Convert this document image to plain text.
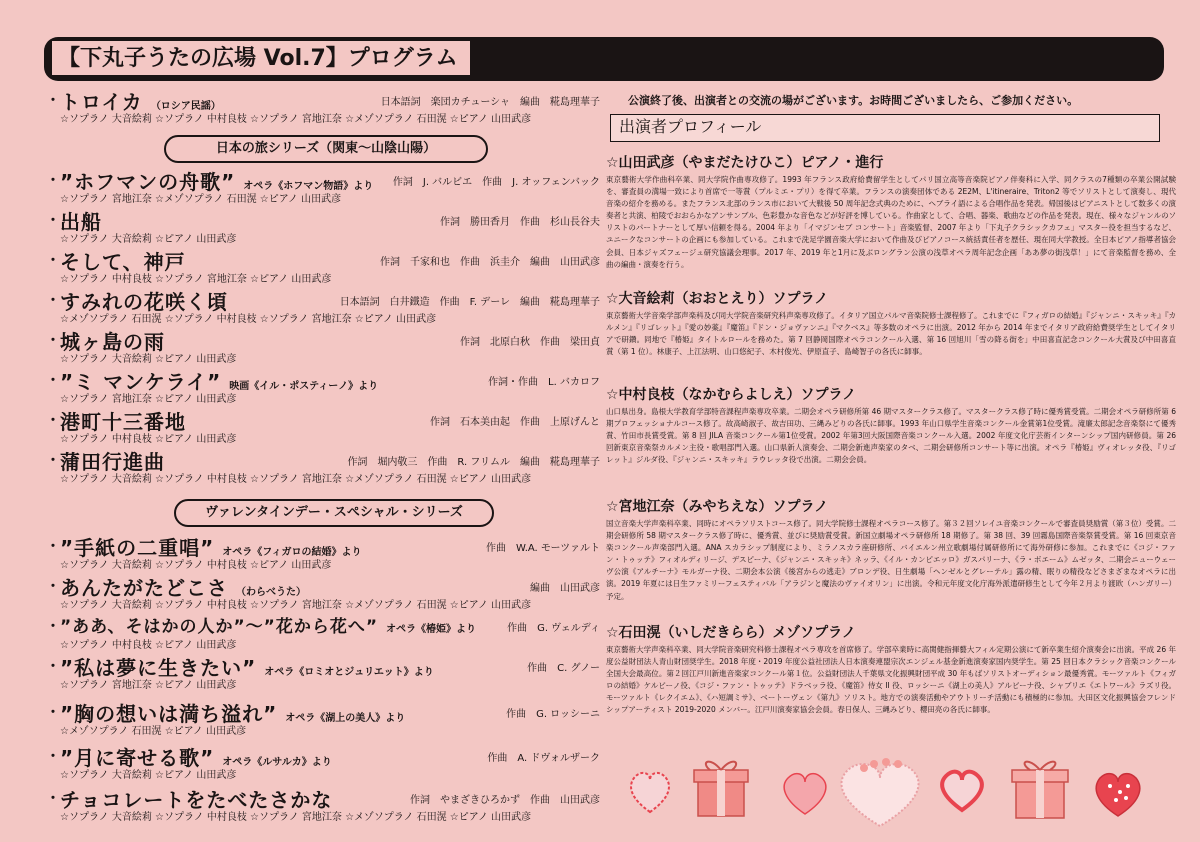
【下丸子うたの広場 Vol.7】プログラム
・ トロイカ （ロシア民謡）	日本語詞　楽団カチューシャ　編曲　糀島理華子
☆ソプラノ 大音絵莉 ☆ソプラノ 中村良枝 ☆ソプラノ 宮地江奈 ☆メゾソプラノ 石田滉 ☆ピアノ 山田武彦
日本の旅シリーズ（関東〜山陰山陽）
・ ”ホフマンの舟歌” オペラ《ホフマン物語》より 作詞　J. バルビエ　作曲　J. オッフェンバック
☆ソプラノ 宮地江奈 ☆メゾソプラノ 石田滉 ☆ピアノ 山田武彦
・ 出船	作詞　勝田香月　作曲　杉山長谷夫
☆ソプラノ 大音絵莉 ☆ピアノ 山田武彦
・ そして、神戸	作詞　千家和也　作曲　浜圭介　編曲　山田武彦
☆ソプラノ 中村良枝 ☆ソプラノ 宮地江奈 ☆ピアノ 山田武彦
・ すみれの花咲く頃	日本語詞　白井鐵造　作曲　F. デーレ　編曲　糀島理華子
☆メゾソプラノ 石田滉 ☆ソプラノ 中村良枝 ☆ソプラノ 宮地江奈 ☆ピアノ 山田武彦
・ 城ヶ島の雨	作詞　北原白秋　作曲　梁田貞
☆ソプラノ 大音絵莉 ☆ピアノ 山田武彦
・ ”ミ マンケライ” 映画《イル・ポスティーノ》より	作詞・作曲　L. バカロフ
☆ソプラノ 宮地江奈 ☆ピアノ 山田武彦
・ 港町十三番地	作詞　石本美由起　作曲　上原げんと
☆ソプラノ 中村良枝 ☆ピアノ 山田武彦
・ 蒲田行進曲	作詞　堀内敬三　作曲　R. フリムル　編曲　糀島理華子
☆ソプラノ 大音絵莉 ☆ソプラノ 中村良枝 ☆ソプラノ 宮地江奈 ☆メゾソプラノ 石田滉 ☆ピアノ 山田武彦
ヴァレンタインデー・スペシャル・シリーズ
・ ”手紙の二重唱” オペラ《フィガロの結婚》より	作曲　W.A. モーツァルト
☆ソプラノ 大音絵莉 ☆ソプラノ 中村良枝 ☆ピアノ 山田武彦
・ あんたがたどこさ （わらべうた）	編曲　山田武彦
☆ソプラノ 大音絵莉 ☆ソプラノ 中村良枝 ☆ソプラノ 宮地江奈 ☆メゾソプラノ 石田滉 ☆ピアノ 山田武彦
・ ”ああ、そはかの人か”〜”花から花へ” オペラ《椿姫》より	作曲　G. ヴェルディ
☆ソプラノ 中村良枝 ☆ピアノ 山田武彦
・ ”私は夢に生きたい” オペラ《ロミオとジュリエット》より	作曲　C. グノー
☆ソプラノ 宮地江奈 ☆ピアノ 山田武彦
・ ”胸の想いは満ち溢れ” オペラ《湖上の美人》より	作曲　G. ロッシーニ
☆メゾソプラノ 石田滉 ☆ピアノ 山田武彦
・ ”月に寄せる歌” オペラ《ルサルカ》より	作曲　A. ドヴォルザーク
☆ソプラノ 大音絵莉 ☆ピアノ 山田武彦
・ チョコレートをたべたさかな	作詞　やまざきひろかず　作曲　山田武彦
☆ソプラノ 大音絵莉 ☆ソプラノ 中村良枝 ☆ソプラノ 宮地江奈 ☆メゾソプラノ 石田滉 ☆ピアノ 山田武彦
公演終了後、出演者との交流の場がございます。お時間ございましたら、ご参加ください。
出演者プロフィール
☆山田武彦（やまだたけひこ）ピアノ・進行
東京藝術大学作曲科卒業、同大学院作曲専攻修了。1993 年フランス政府給費留学生としてパリ国立高等音楽院ピアノ伴奏科に入学、同クラスの7種類の卒業公開試験を、審査員の満場一致により首席で一等賞（プルミエ・プリ）を得て卒業。フランスの演奏団体である 2E2M、L'itineraire、Triton2 等でソリストとして演奏し、現代音楽の紹介を務める。またフランス北部のランス市において大戦後 50 周年記念式典のために、ヘブライ語による合唱作品を発表。帰国後はピアニストとして数多くの演奏者と共演、柏陵でおおらかなアンサンブル、色彩豊かな音色などが好評を博している。作曲家として、合唱、器楽、歌曲などの作品を発表。現在、様々なジャンルのソリストのパートナーとして厚い信頼を得る。2004 年より「イマジンセブ コンサート」音楽監督、2007 年より「下丸子クラシックカフェ」マスター役を担当するなど、ユニークなコンサートの企画にも参加している。これまで洗足学園音楽大学において作曲及びピアノコース統括責任者を歴任、現在同大学教授。全日本ピアノ指導者協会会員、日本ジャズフェージュ研究協議会理事。2017 年、2019 年と1月に及ぶロングラン公演の浅草オペラ周年記念企画「ああ夢の街浅草！」にて音楽監督を務め、全曲の編曲・演奏を行う。
☆大音絵莉（おおとえり）ソプラノ
東京藝術大学音楽学部声楽科及び同大学院音楽研究科声楽専攻修了。イタリア国立パルマ音楽院修士課程修了。これまでに『フィガロの結婚』『ジャンニ・スキッキ』『カルメン』『リゴレット』『愛の妙薬』『魔笛』『ドン・ジョヴァンニ』『マクベス』等多数のオペラに出演。2012 年から 2014 年までイタリア政府給費奨学生としてイタリアで研鑽。同地で『椿姫』タイトルロールを務めた。第 7 回静岡国際オペラコンクール入選、第 16 回旭川「雪の降る街を」中田喜直記念コンクール大賞及び中田喜直賞（第 1 位）。林康子、上江法明、山口悠紀子、木村俊光、伊原直子、島崎智子の各氏に師事。
☆中村良枝（なかむらよしえ）ソプラノ
山口県出身。島根大学教育学部特音課程声楽専攻卒業。二期会オペラ研修所第 46 期マスタークラス修了。マスタークラス修了時に優秀賞受賞。二期会オペラ研修所第 6 期プロフェッショナルコース修了。故高崎淑子、故吉田功、三縄みどりの各氏に師事。1993 年山口県学生音楽コンクール金賞第1位受賞。滝廉太郎記念音楽祭にて優秀賞、竹田市長賞受賞。第 8 回 JILA 音楽コンクール第1位受賞。2002 年第3回大阪国際音楽コンクール入選。2002 年度文化庁芸術インターンシップ国内研修員。第 26 回新東京音楽祭カルメン主役・歌唱部門入選。山口県新人演奏会、二期会新進声楽家のタベ、二期会研修所コンサート等に出演。オペラ『椿姫』ヴィオレッタ役、『リゴレット』ジルダ役、『ジャンニ・スキッキ』ラウレッタ役で出演。二期会会員。
☆宮地江奈（みやちえな）ソプラノ
国立音楽大学声楽科卒業、同時にオペラソリストコース修了。同大学院修士課程オペラコース修了。第３２回ソレイユ音楽コンクールで審査員奨励賞（第３位）受賞。二期会研修所 58 期マスタークラス修了時に、優秀賞、並びに奨励賞受賞。新国立劇場オペラ研修所 18 期修了。第 38 回、39 回霧島国際音楽祭賞受賞。第 16 回東京音楽コンクール声楽部門入選。ANA スカラシップ制度により、ミラノスカラ座研修所、バイエルン州立歌劇場付属研修所にて海外研修に参加。これまでに《コジ・ファン・トゥッテ》フィオルディリージ、デスピーナ、《ジャンニ・スキッキ》ネッラ、《イル・カンピエッロ》ガスパリーナ、《ラ・ボエーム》ムゼッタ、二期会ニューウェーヴ公演《アルチーナ》モルガーナ役、二期会本公演《後宮からの逃走》ブロンデ役、日生劇場「ヘンゼルとグレーテル」露の精、眠りの精役などさまざまなオペラに出演。2019 年夏には日生ファミリーフェスティバル「アラジンと魔法のヴァイオリン」に出演。令和元年度文化庁海外派遣研修生として今年２月より渡欧（ハンガリー）予定。
☆石田滉（いしだきらら）メゾソプラノ
東京藝術大学声楽科卒業、同大学院音楽研究科修士課程オペラ専攻を首席修了。学部卒業時に高関健指揮藝大フィル定期公演にて新卒業生紹介演奏会に出演。平成 26 年度公益財団法人青山財団奨学生。2018 年度・2019 年度公益社団法人日本演奏連盟宗次エンジェル基金新進演奏家国内奨学生。第 25 回日本クラシック音楽コンクール全国大会最高位。第２回江戸川新進音楽家コンクール第１位。公益財団法人千葉県文化振興財団平成 30 年もばソリストオーディション最優秀賞。モーツァルト《フィガロの結婚》ケルビーノ役、《コジ・ファン・トゥッテ》ドラベッラ役、《魔笛》侍女 II 役、ロッシーニ《湖上の美人》アルビーナ役、シャブリエ《エトワール》ラズリ役。モーツァルト《レクイエム》、《ハ短調ミサ》、ベートーヴェン《第九》ソリスト。地方での演奏活動やアウトリーチ活動にも積極的に参加。大田区文化振興協会フレンドシップアーティスト 2019-2020 メンバー。江戸川演奏家協会会員。春日保人、三縄みどり、櫻田亮の各氏に師事。
